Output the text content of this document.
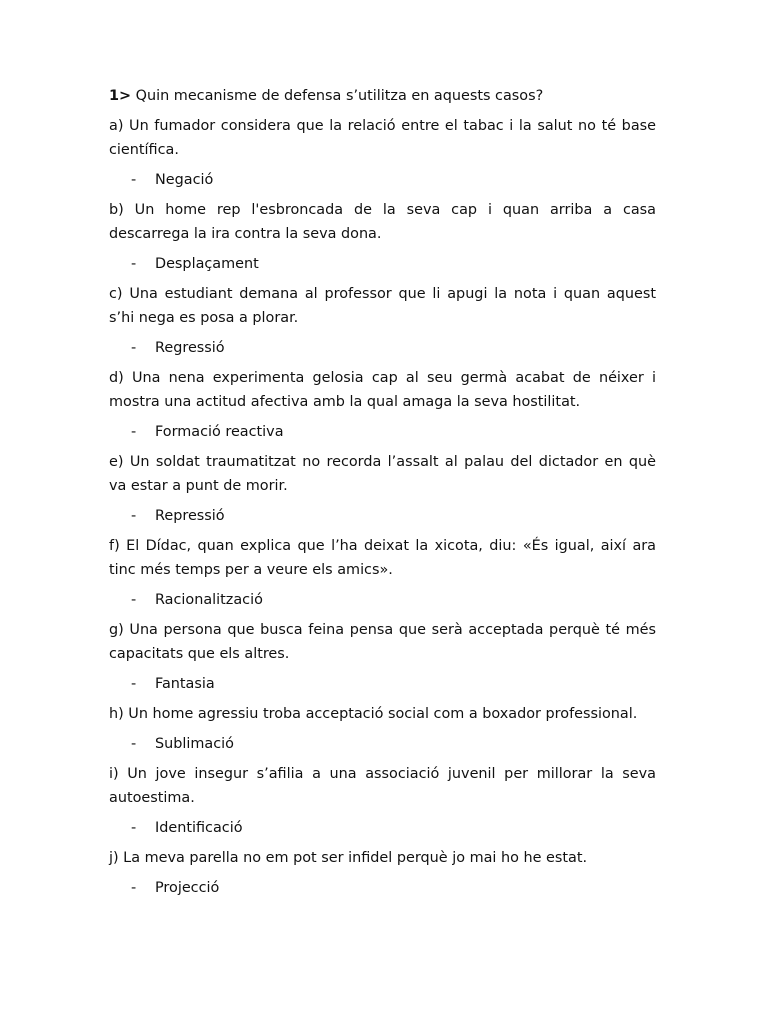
1> Quin mecanisme de defensa s’utilitza en aquests casos?

a) Un fumador considera que la relació entre el tabac i la salut no té base científica.

-	Negació

b) Un home rep l'esbroncada de la seva cap i quan arriba a casa descarrega la ira contra la seva dona.

-	Desplaçament

c) Una estudiant demana al professor que li apugi la nota i quan aquest s’hi nega es posa a plorar.

-	Regressió

d) Una nena experimenta gelosia cap al seu germà acabat de néixer i mostra una actitud afectiva amb la qual amaga la seva hostilitat.

-	Formació reactiva

e) Un soldat traumatitzat no recorda l’assalt al palau del dictador en què va estar a punt de morir.

-	Repressió

f) El Dídac, quan explica que l’ha deixat la xicota, diu: «És igual, així ara tinc més temps per a veure els amics».

-	Racionalització

g) Una persona que busca feina pensa que serà acceptada perquè té més capacitats que els altres.

-	Fantasia

h) Un home agressiu troba acceptació social com a boxador professional.

-	Sublimació

i) Un jove insegur s’afilia a una associació juvenil per millorar la seva autoestima.

-	Identificació

j) La meva parella no em pot ser infidel perquè jo mai ho he estat.

-	Projecció
